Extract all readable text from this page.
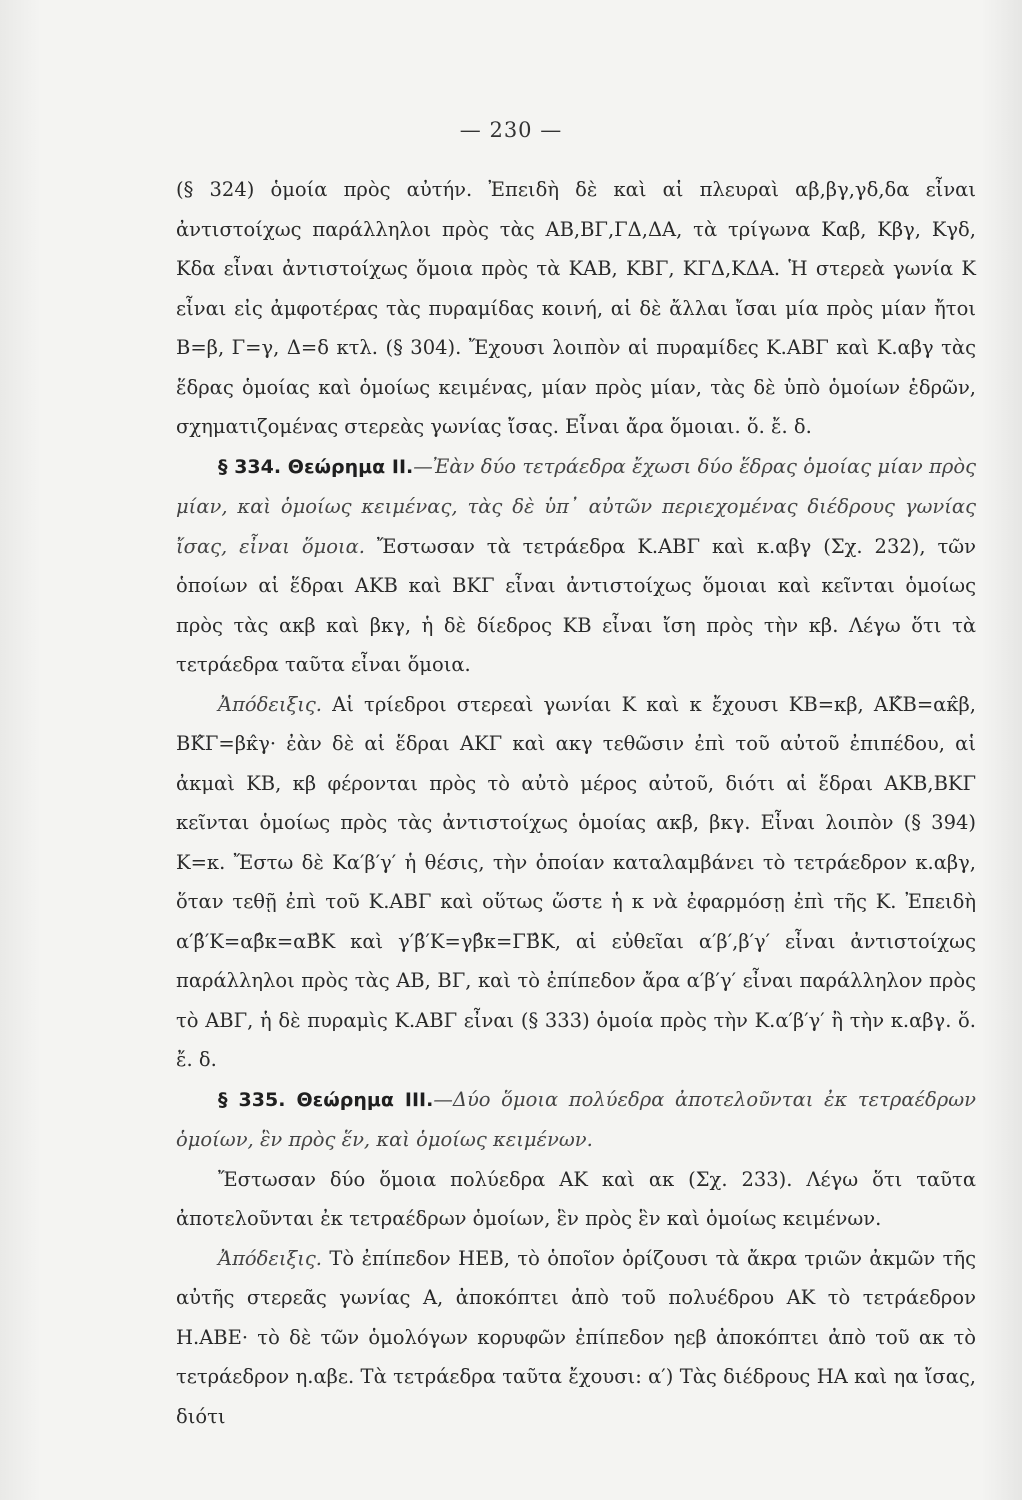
— 230 —

(§ 324) ὁμοία πρὸς αὐτήν. Ἐπειδὴ δὲ καὶ αἱ πλευραὶ αβ,βγ,γδ,δα εἶναι ἀντιστοίχως παράλληλοι πρὸς τὰς ΑΒ,ΒΓ,ΓΔ,ΔΑ, τὰ τρίγωνα Καβ, Κβγ, Κγδ, Κδα εἶναι ἀντιστοίχως ὅμοια πρὸς τὰ ΚΑΒ, ΚΒΓ, ΚΓΔ,ΚΔΑ. Ἡ στερεὰ γωνία Κ εἶναι εἰς ἀμφοτέρας τὰς πυραμίδας κοινή, αἱ δὲ ἄλλαι ἴσαι μία πρὸς μίαν ἤτοι Β=β, Γ=γ, Δ=δ κτλ. (§ 304). Ἔχουσι λοιπὸν αἱ πυραμίδες Κ.ΑΒΓ καὶ Κ.αβγ τὰς ἕδρας ὁμοίας καὶ ὁμοίως κειμένας, μίαν πρὸς μίαν, τὰς δὲ ὑπὸ ὁμοίων ἑδρῶν, σχηματιζομένας στερεὰς γωνίας ἴσας. Εἶναι ἄρα ὅμοιαι. ὅ. ἔ. δ.

§ 334. Θεώρημα ΙΙ.—Ἐὰν δύο τετράεδρα ἔχωσι δύο ἕδρας ὁμοίας μίαν πρὸς μίαν, καὶ ὁμοίως κειμένας, τὰς δὲ ὑπ᾽ αὐτῶν περιεχομένας διέδρους γωνίας ἴσας, εἶναι ὅμοια. Ἔστωσαν τὰ τετράεδρα Κ.ΑΒΓ καὶ κ.αβγ (Σχ. 232), τῶν ὁποίων αἱ ἕδραι ΑΚΒ καὶ ΒΚΓ εἶναι ἀντιστοίχως ὅμοιαι καὶ κεῖνται ὁμοίως πρὸς τὰς ακβ καὶ βκγ, ἡ δὲ δίεδρος ΚΒ εἶναι ἴση πρὸς τὴν κβ. Λέγω ὅτι τὰ τετράεδρα ταῦτα εἶναι ὅμοια.

Ἀπόδειξις. Αἱ τρίεδροι στερεαὶ γωνίαι Κ καὶ κ ἔχουσι ΚΒ=κβ, ΑΚ̂Β=ακ̂β, ΒΚ̂Γ=βκ̂γ· ἐὰν δὲ αἱ ἕδραι ΑΚΓ καὶ ακγ τεθῶσιν ἐπὶ τοῦ αὐτοῦ ἐπιπέδου, αἱ ἀκμαὶ ΚΒ, κβ φέρονται πρὸς τὸ αὐτὸ μέρος αὐτοῦ, διότι αἱ ἕδραι ΑΚΒ,ΒΚΓ κεῖνται ὁμοίως πρὸς τὰς ἀντιστοίχως ὁμοίας ακβ, βκγ. Εἶναι λοιπὸν (§ 394) Κ=κ. Ἔστω δὲ Κα′β′γ′ ἡ θέσις, τὴν ὁποίαν καταλαμβάνει τὸ τετράεδρον κ.αβγ, ὅταν τεθῇ ἐπὶ τοῦ Κ.ΑΒΓ καὶ οὕτως ὥστε ἡ κ νὰ ἐφαρμόσῃ ἐπὶ τῆς Κ. Ἐπειδὴ α′β̂′Κ=αβ̂κ=αΒ̂Κ καὶ γ′β̂′Κ=γβ̂κ=ΓΒ̂Κ, αἱ εὐθεῖαι α′β′,β′γ′ εἶναι ἀντιστοίχως παράλληλοι πρὸς τὰς ΑΒ, ΒΓ, καὶ τὸ ἐπίπεδον ἄρα α′β′γ′ εἶναι παράλληλον πρὸς τὸ ΑΒΓ, ἡ δὲ πυραμὶς Κ.ΑΒΓ εἶναι (§ 333) ὁμοία πρὸς τὴν Κ.α′β′γ′ ἢ τὴν κ.αβγ. ὅ. ἔ. δ.

§ 335. Θεώρημα ΙΙΙ.—Δύο ὅμοια πολύεδρα ἀποτελοῦνται ἐκ τετραέδρων ὁμοίων, ἓν πρὸς ἕν, καὶ ὁμοίως κειμένων.

Ἔστωσαν δύο ὅμοια πολύεδρα ΑΚ καὶ ακ (Σχ. 233). Λέγω ὅτι ταῦτα ἀποτελοῦνται ἐκ τετραέδρων ὁμοίων, ἓν πρὸς ἓν καὶ ὁμοίως κειμένων.

Ἀπόδειξις. Τὸ ἐπίπεδον ΗΕΒ, τὸ ὁποῖον ὁρίζουσι τὰ ἄκρα τριῶν ἀκμῶν τῆς αὐτῆς στερεᾶς γωνίας Α, ἀποκόπτει ἀπὸ τοῦ πολυέδρου ΑΚ τὸ τετράεδρον Η.ΑΒΕ· τὸ δὲ τῶν ὁμολόγων κορυφῶν ἐπίπεδον ηεβ ἀποκόπτει ἀπὸ τοῦ ακ τὸ τετράεδρον η.αβε. Τὰ τετράεδρα ταῦτα ἔχουσι: α′) Τὰς διέδρους ΗΑ καὶ ηα ἴσας, διότι
